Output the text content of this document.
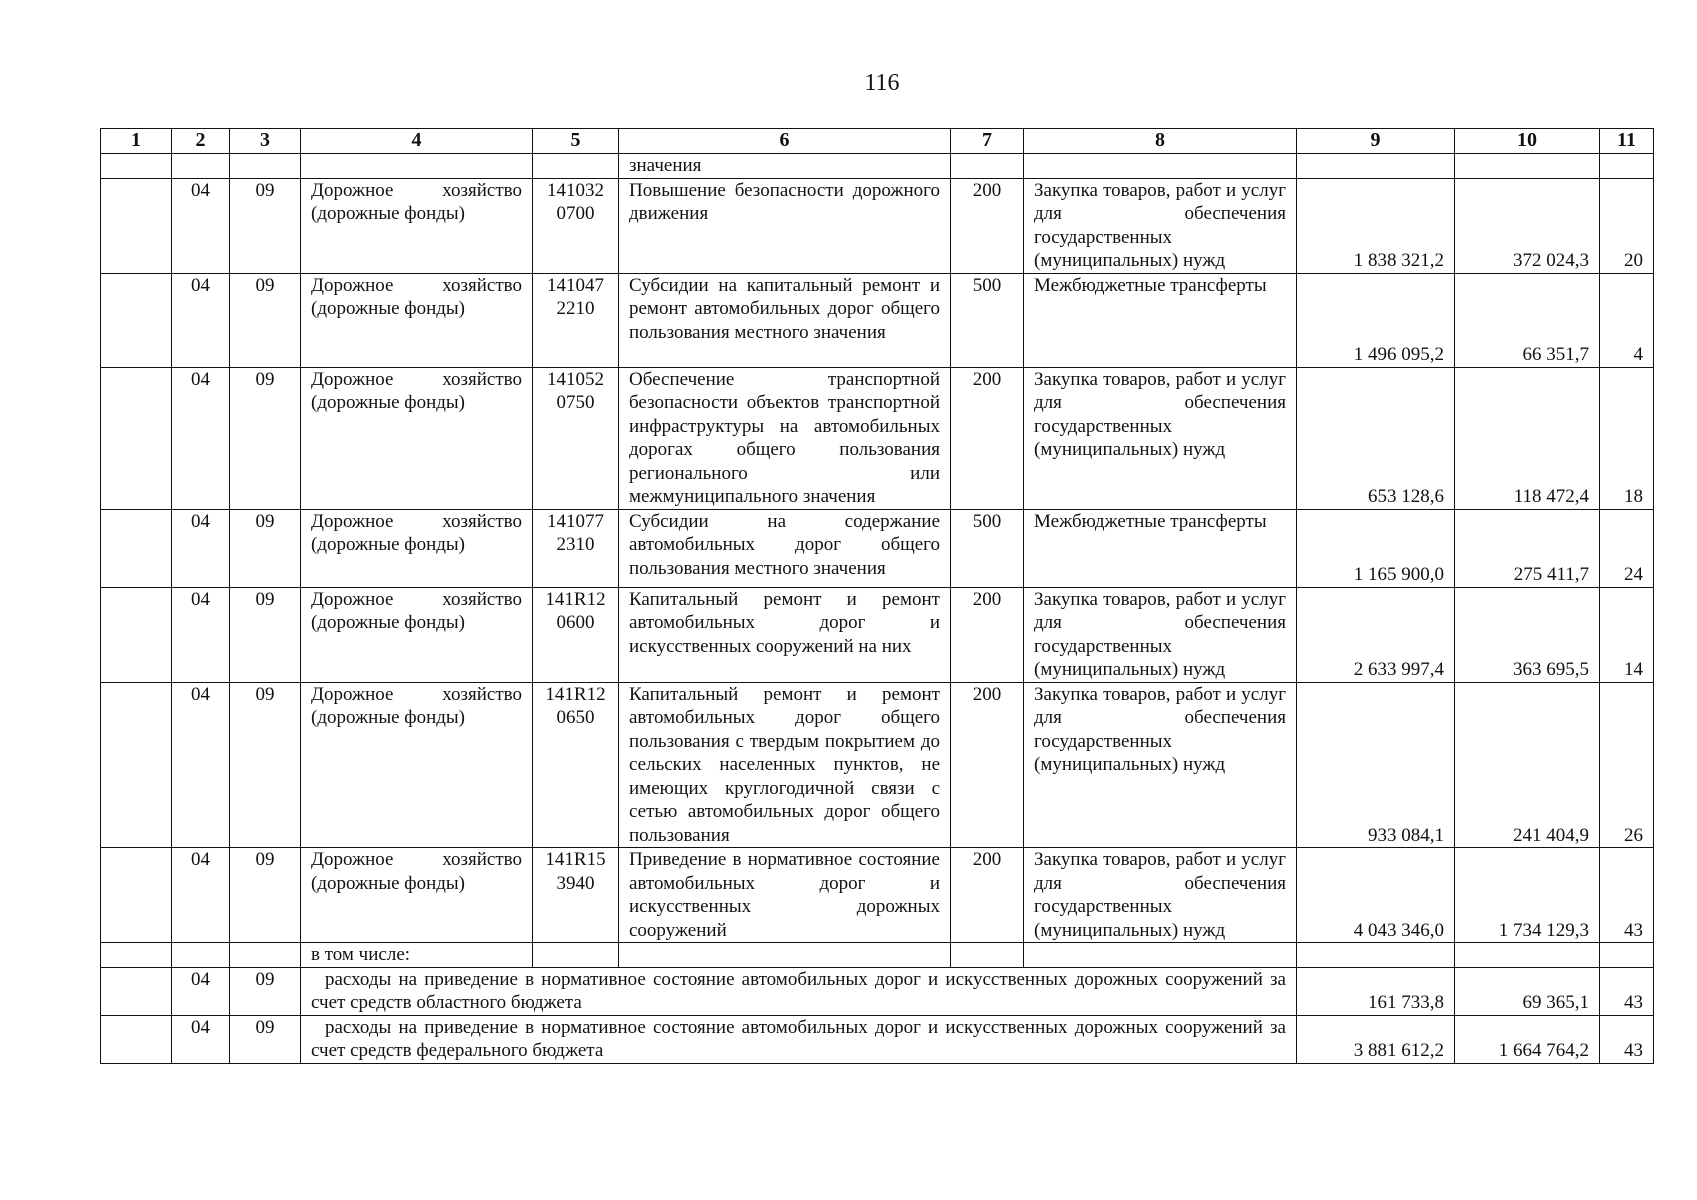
116
1	2	3	4	5	6	7	8	9	10	11
					значения					
	04	09	Дорожное хозяйство (дорожные фонды)	141032 0700	Повышение безопасности дорожного движения	200	Закупка товаров, работ и услуг для обеспечения государственных (муниципальных) нужд	1 838 321,2	372 024,3	20
	04	09	Дорожное хозяйство (дорожные фонды)	141047 2210	Субсидии на капитальный ремонт и ремонт автомобильных дорог общего пользования местного значения	500	Межбюджетные трансферты	1 496 095,2	66 351,7	4
	04	09	Дорожное хозяйство (дорожные фонды)	141052 0750	Обеспечение транспортной безопасности объектов транспортной инфраструктуры на автомобильных дорогах общего пользования регионального или межмуниципального значения	200	Закупка товаров, работ и услуг для обеспечения государственных (муниципальных) нужд	653 128,6	118 472,4	18
	04	09	Дорожное хозяйство (дорожные фонды)	141077 2310	Субсидии на содержание автомобильных дорог общего пользования местного значения	500	Межбюджетные трансферты	1 165 900,0	275 411,7	24
	04	09	Дорожное хозяйство (дорожные фонды)	141R12 0600	Капитальный ремонт и ремонт автомобильных дорог и искусственных сооружений на них	200	Закупка товаров, работ и услуг для обеспечения государственных (муниципальных) нужд	2 633 997,4	363 695,5	14
	04	09	Дорожное хозяйство (дорожные фонды)	141R12 0650	Капитальный ремонт и ремонт автомобильных дорог общего пользования с твердым покрытием до сельских населенных пунктов, не имеющих круглогодичной связи с сетью автомобильных дорог общего пользования	200	Закупка товаров, работ и услуг для обеспечения государственных (муниципальных) нужд	933 084,1	241 404,9	26
	04	09	Дорожное хозяйство (дорожные фонды)	141R15 3940	Приведение в нормативное состояние автомобильных дорог и искусственных дорожных сооружений	200	Закупка товаров, работ и услуг для обеспечения государственных (муниципальных) нужд	4 043 346,0	1 734 129,3	43
			в том числе:							
	04	09	расходы на приведение в нормативное состояние автомобильных дорог и искусственных дорожных сооружений за счет средств областного бюджета					161 733,8	69 365,1	43
	04	09	расходы на приведение в нормативное состояние автомобильных дорог и искусственных дорожных сооружений за счет средств федерального бюджета					3 881 612,2	1 664 764,2	43
